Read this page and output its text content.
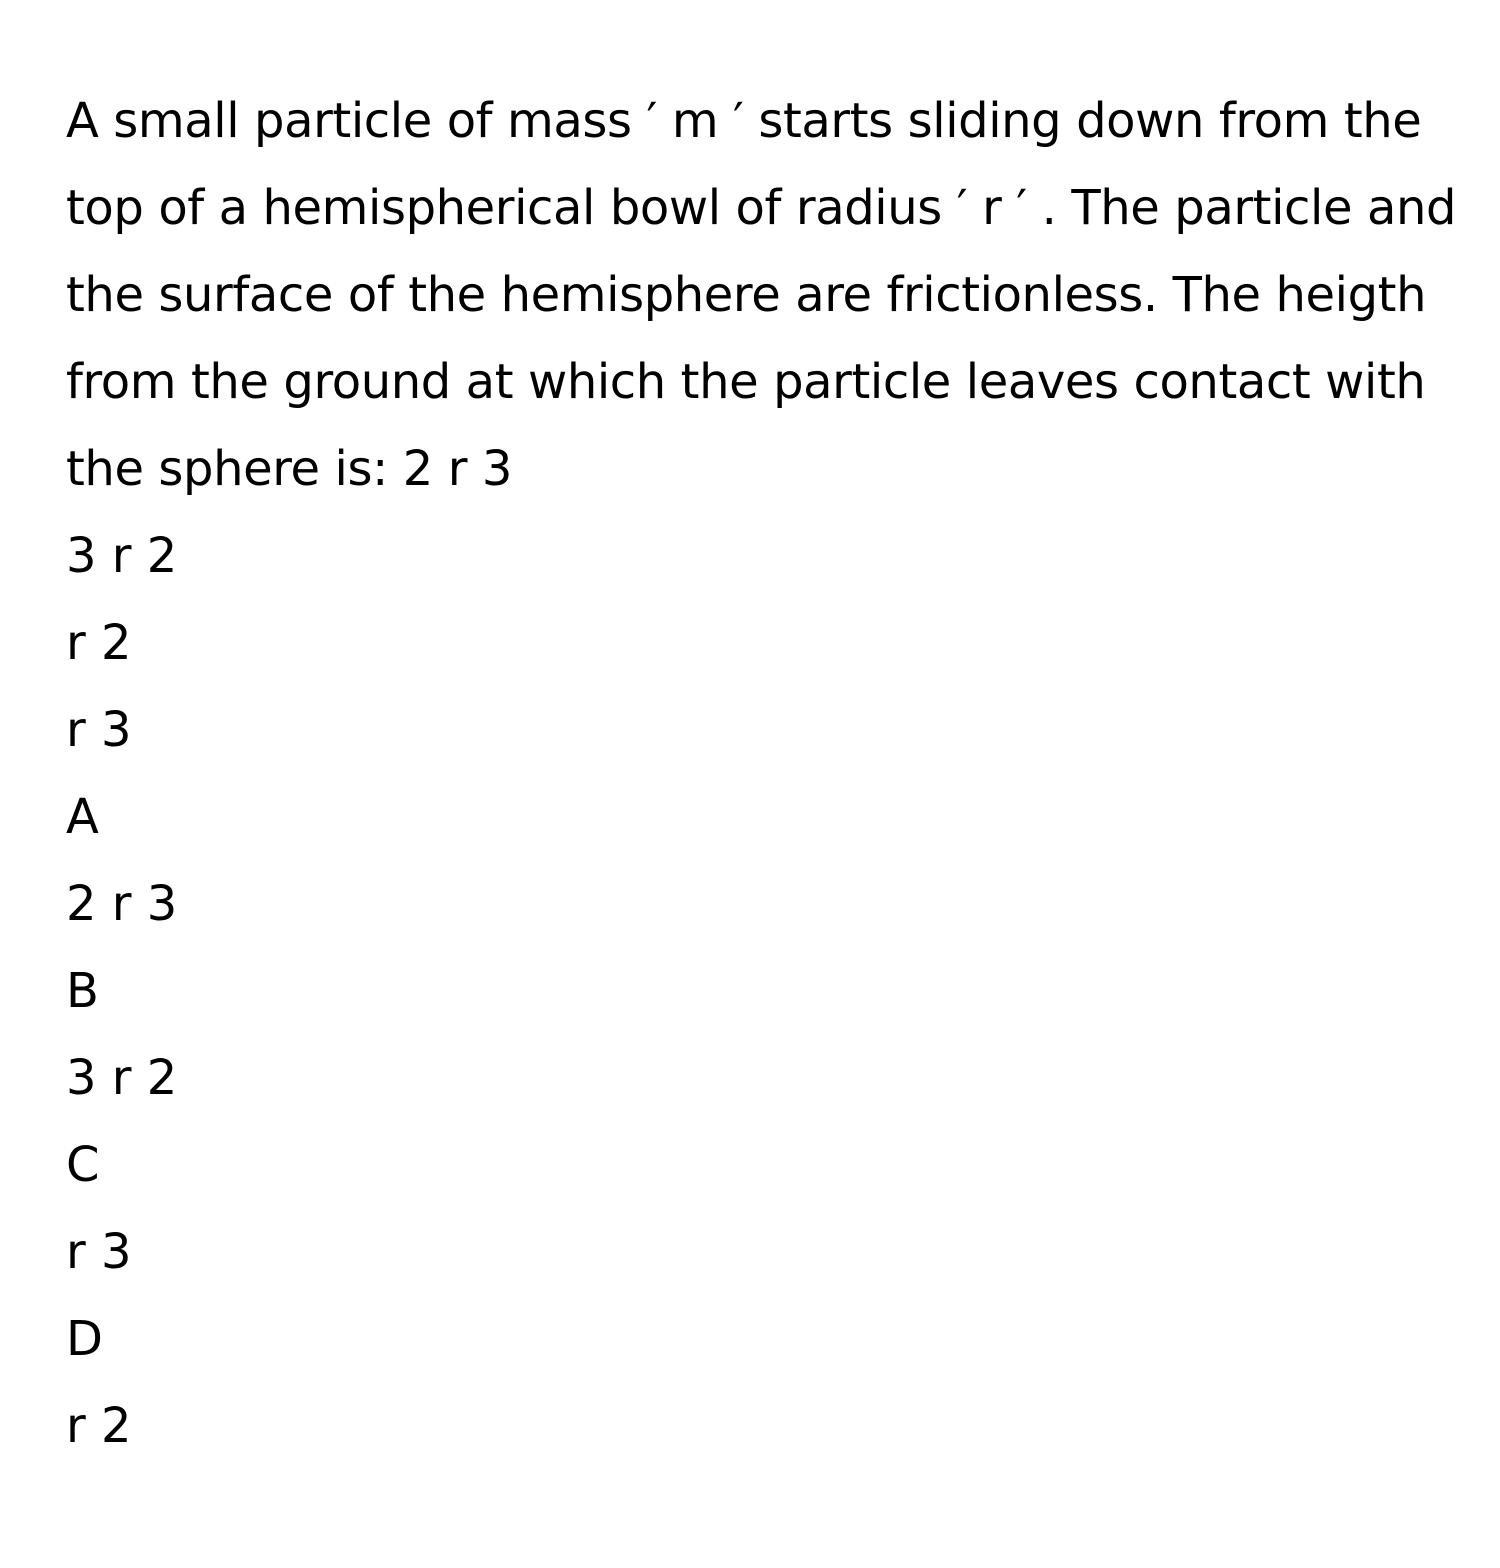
A small particle of mass ′ m ′ starts sliding down from the top of a hemispherical bowl of radius ′ r ′ . The particle and the surface of the hemisphere are frictionless. The heigth from the ground at which the particle leaves contact with the sphere is: 2 r 3

3 r 2
r 2
r 3
A
2 r 3
B
3 r 2
C
r 3
D
r 2
